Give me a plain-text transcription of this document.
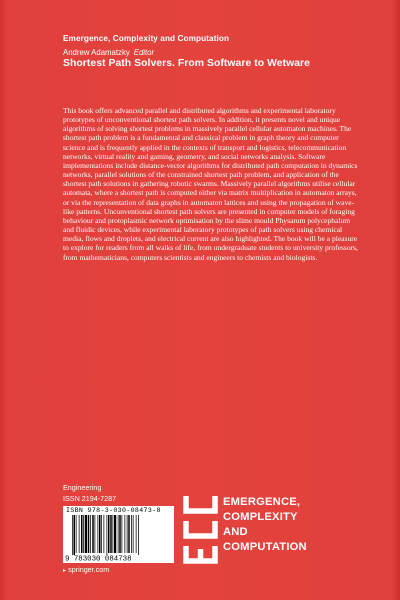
Emergence, Complexity and Computation
Andrew Adamatzky Editor
Shortest Path Solvers. From Software to Wetware

This book offers advanced parallel and distributed algorithms and experimental laboratory prototypes of unconventional shortest path solvers. In addition, it presents novel and unique algorithms of solving shortest problems in massively parallel cellular automaton machines. The shortest path problem is a fundamental and classical problem in graph theory and computer science and is frequently applied in the contexts of transport and logistics, telecommunication networks, virtual reality and gaming, geometry, and social networks analysis. Software implementations include distance-vector algorithms for distributed path computation in dynamics networks, parallel solutions of the constrained shortest path problem, and application of the shortest path solutions in gathering robotic swarms. Massively parallel algorithms utilise cellular automata, where a shortest path is computed either via matrix multiplication in automaton arrays, or via the representation of data graphs in automaton lattices and using the propagation of wave-like patterns. Unconventional shortest path solvers are presented in computer models of foraging behaviour and protoplasmic network optimisation by the slime mould Physarum polycephalum and fluidic devices, while experimental laboratory prototypes of path solvers using chemical media, flows and droplets, and electrical current are also highlighted. The book will be a pleasure to explore for readers from all walks of life, from undergraduate students to university professors, from mathematicians, computers scientists and engineers to chemists and biologists.

Engineering
ISSN 2194-7287
ISBN 978-3-030-08473-8
9 783030 084738
▸ springer.com
EMERGENCE,
COMPLEXITY
AND
COMPUTATION
